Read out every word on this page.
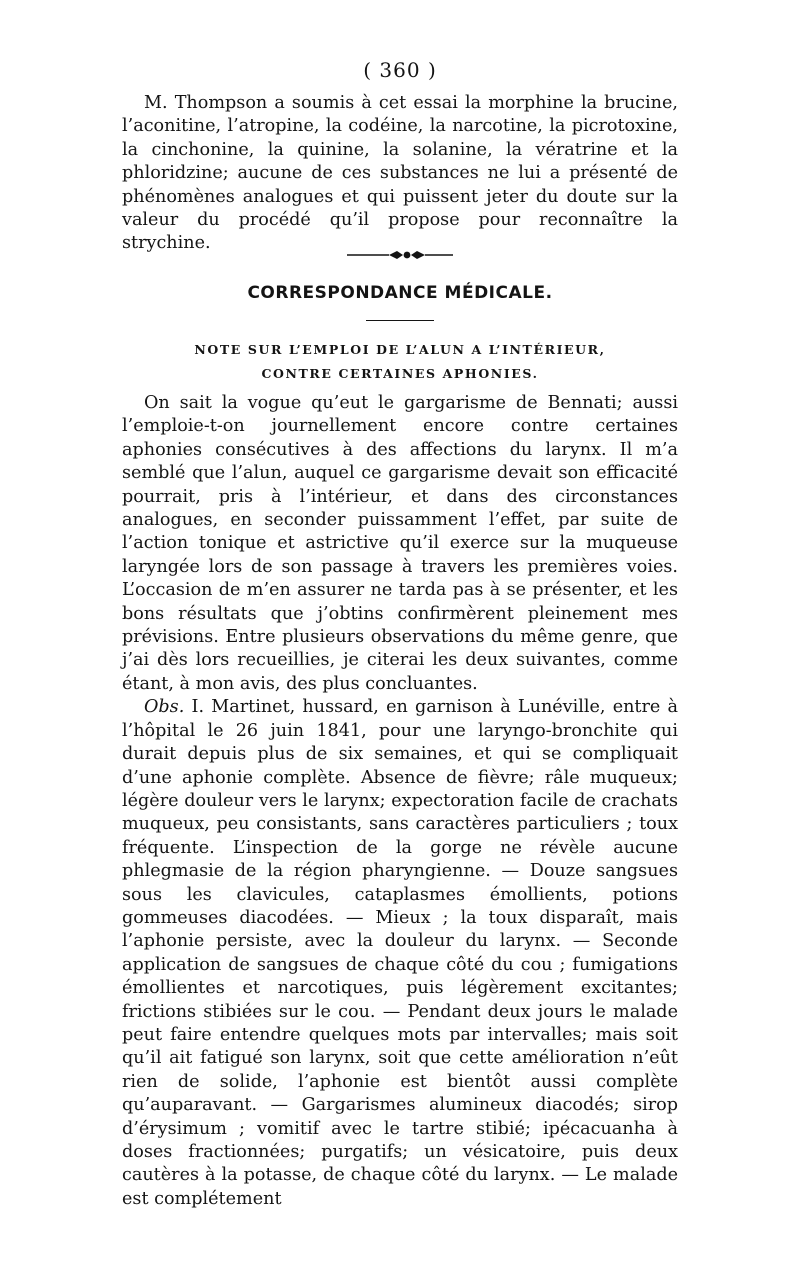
( 360 )

M. Thompson a soumis à cet essai la morphine la brucine, l’aconitine, l’atropine, la codéine, la narcotine, la picrotoxine, la cinchonine, la quinine, la solanine, la vératrine et la phloridzine; aucune de ces substances ne lui a présenté de phénomènes analogues et qui puissent jeter du doute sur la valeur du procédé qu’il propose pour reconnaître la strychine.

CORRESPONDANCE MÉDICALE.
NOTE SUR L’EMPLOI DE L’ALUN A L’INTÉRIEUR,
CONTRE CERTAINES APHONIES.

On sait la vogue qu’eut le gargarisme de Bennati; aussi l’emploie-t-on journellement encore contre certaines aphonies consécutives à des affections du larynx. Il m’a semblé que l’alun, auquel ce gargarisme devait son efficacité pourrait, pris à l’intérieur, et dans des circonstances analogues, en seconder puissamment l’effet, par suite de l’action tonique et astrictive qu’il exerce sur la muqueuse laryngée lors de son passage à travers les premières voies. L’occasion de m’en assurer ne tarda pas à se présenter, et les bons résultats que j’obtins confirmèrent pleinement mes prévisions. Entre plusieurs observations du même genre, que j’ai dès lors recueillies, je citerai les deux suivantes, comme étant, à mon avis, des plus concluantes.

Obs. I. Martinet, hussard, en garnison à Lunéville, entre à l’hôpital le 26 juin 1841, pour une laryngo-bronchite qui durait depuis plus de six semaines, et qui se compliquait d’une aphonie complète. Absence de fièvre; râle muqueux; légère douleur vers le larynx; expectoration facile de crachats muqueux, peu consistants, sans caractères particuliers ; toux fréquente. L’inspection de la gorge ne révèle aucune phlegmasie de la région pharyngienne. — Douze sangsues sous les clavicules, cataplasmes émollients, potions gommeuses diacodées. — Mieux ; la toux disparaît, mais l’aphonie persiste, avec la douleur du larynx. — Seconde application de sangsues de chaque côté du cou ; fumigations émollientes et narcotiques, puis légèrement excitantes; frictions stibiées sur le cou. — Pendant deux jours le malade peut faire entendre quelques mots par intervalles; mais soit qu’il ait fatigué son larynx, soit que cette amélioration n’eût rien de solide, l’aphonie est bientôt aussi complète qu’auparavant. — Gargarismes alumineux diacodés; sirop d’érysimum ; vomitif avec le tartre stibié; ipécacuanha à doses fractionnées; purgatifs; un vésicatoire, puis deux cautères à la potasse, de chaque côté du larynx. — Le malade est complétement
